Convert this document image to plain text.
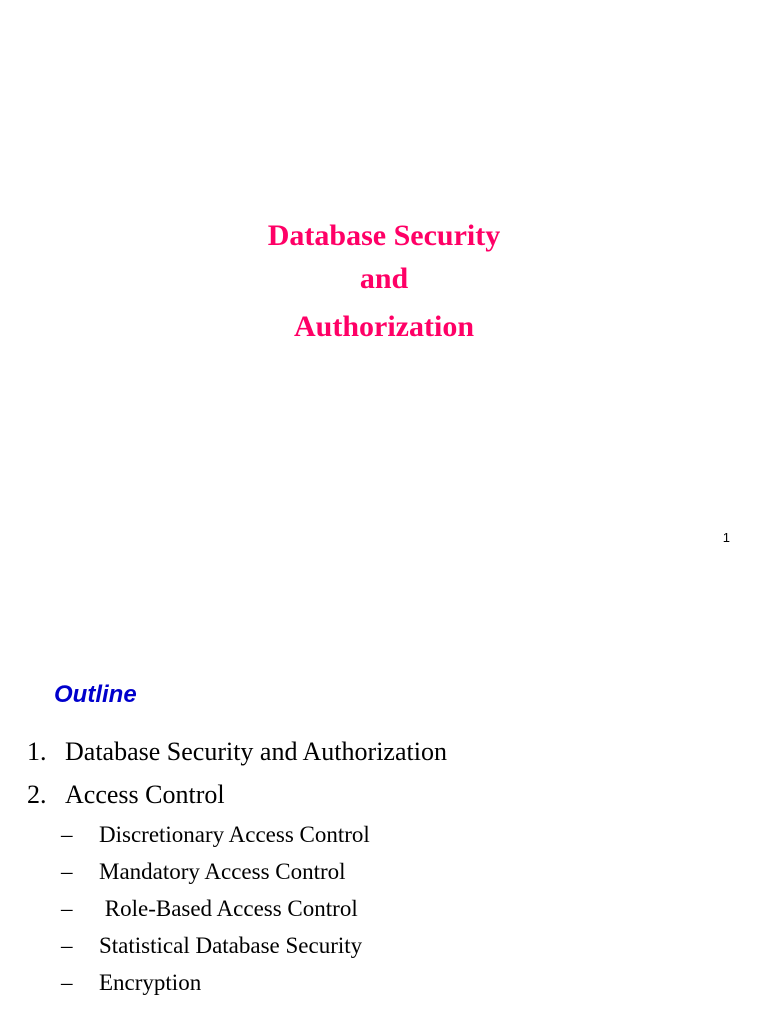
Database Security
and
Authorization
1
Outline
1. Database Security and Authorization
2. Access Control
– Discretionary Access Control
– Mandatory Access Control
– Role-Based Access Control
– Statistical Database Security
– Encryption
